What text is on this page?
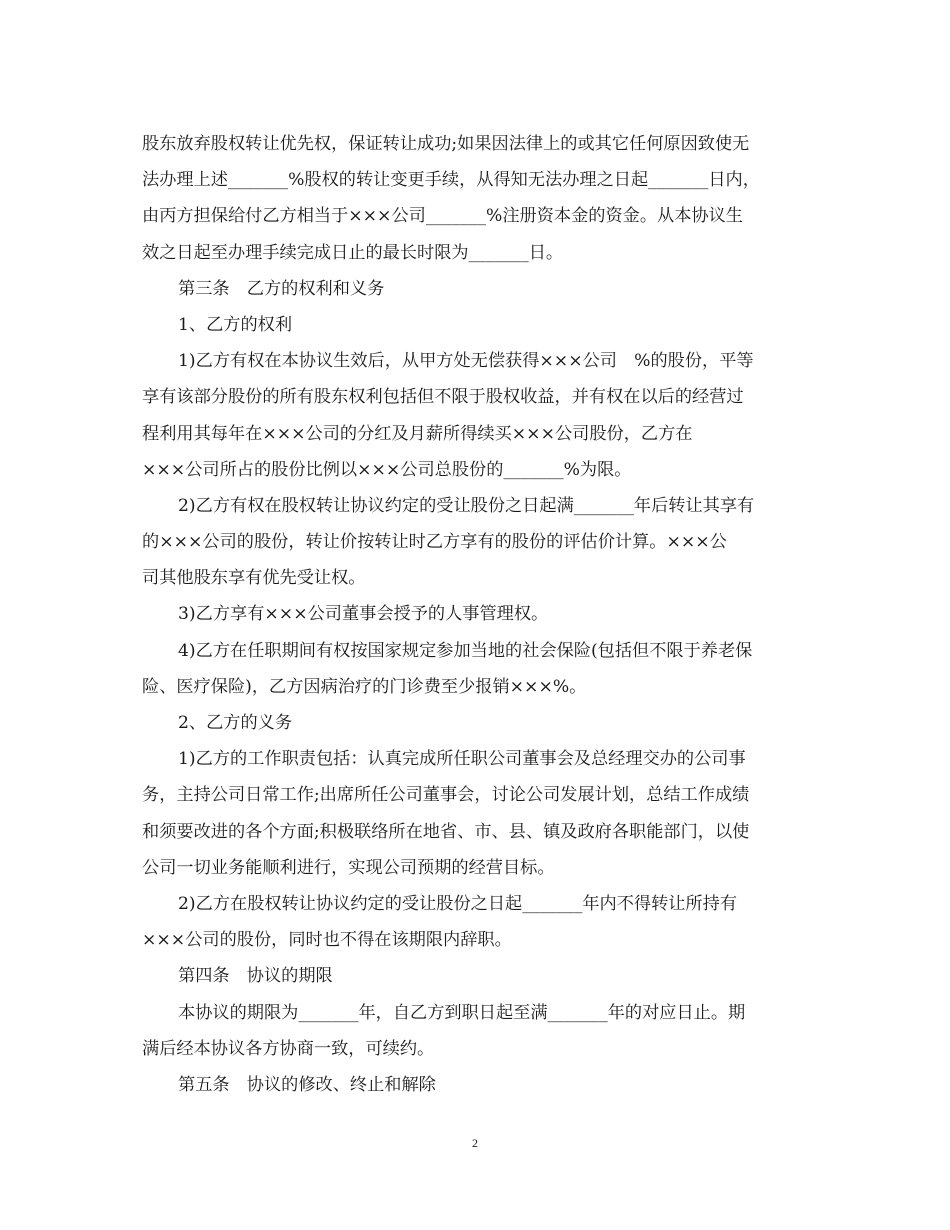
股东放弃股权转让优先权，保证转让成功;如果因法律上的或其它任何原因致使无
法办理上述_______%股权的转让变更手续，从得知无法办理之日起_______日内，
由丙方担保给付乙方相当于×××公司_______%注册资本金的资金。从本协议生
效之日起至办理手续完成日止的最长时限为_______日。
第三条　乙方的权利和义务
1、乙方的权利
1)乙方有权在本协议生效后，从甲方处无偿获得×××公司　%的股份，平等
享有该部分股份的所有股东权利包括但不限于股权收益，并有权在以后的经营过
程利用其每年在×××公司的分红及月薪所得续买×××公司股份，乙方在
×××公司所占的股份比例以×××公司总股份的_______%为限。
2)乙方有权在股权转让协议约定的受让股份之日起满_______年后转让其享有
的×××公司的股份，转让价按转让时乙方享有的股份的评估价计算。×××公
司其他股东享有优先受让权。
3)乙方享有×××公司董事会授予的人事管理权。
4)乙方在任职期间有权按国家规定参加当地的社会保险(包括但不限于养老保
险、医疗保险)，乙方因病治疗的门诊费至少报销×××%。
2、乙方的义务
1)乙方的工作职责包括：认真完成所任职公司董事会及总经理交办的公司事
务，主持公司日常工作;出席所任公司董事会，讨论公司发展计划，总结工作成绩
和须要改进的各个方面;积极联络所在地省、市、县、镇及政府各职能部门，以使
公司一切业务能顺利进行，实现公司预期的经营目标。
2)乙方在股权转让协议约定的受让股份之日起_______年内不得转让所持有
×××公司的股份，同时也不得在该期限内辞职。
第四条　协议的期限
本协议的期限为_______年，自乙方到职日起至满_______年的对应日止。期
满后经本协议各方协商一致，可续约。
第五条　协议的修改、终止和解除
2
